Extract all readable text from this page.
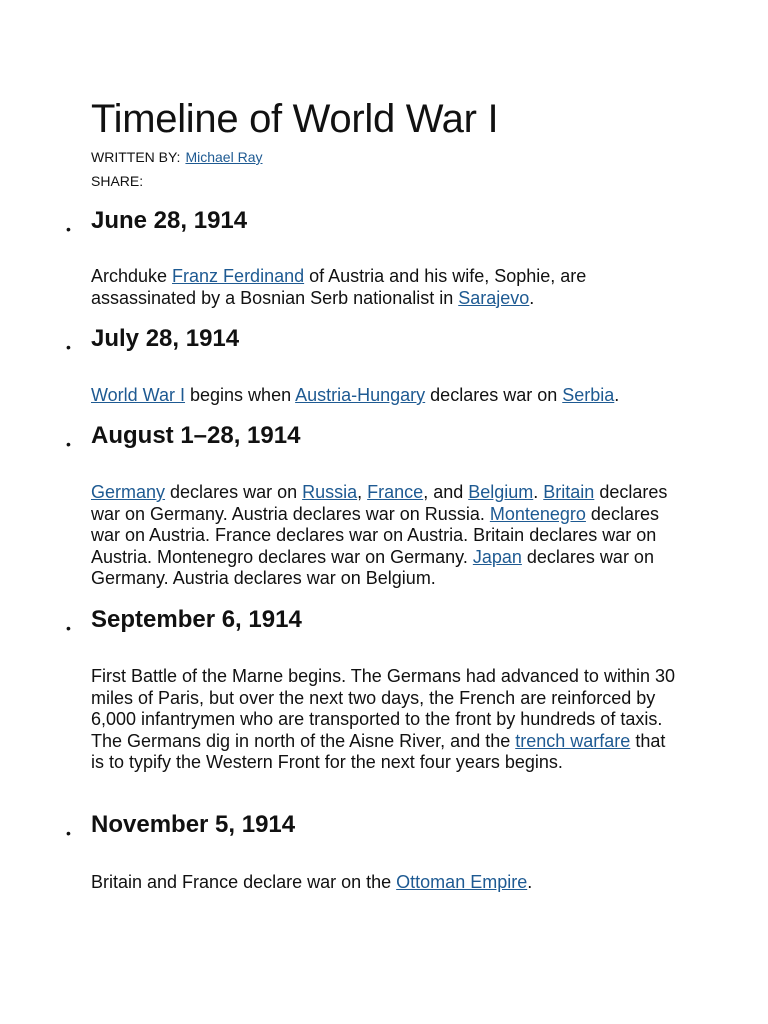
Timeline of World War I
WRITTEN BY: Michael Ray
SHARE:
• June 28, 1914

Archduke Franz Ferdinand of Austria and his wife, Sophie, are assassinated by a Bosnian Serb nationalist in Sarajevo.

• July 28, 1914

World War I begins when Austria-Hungary declares war on Serbia.

• August 1–28, 1914

Germany declares war on Russia, France, and Belgium. Britain declares war on Germany. Austria declares war on Russia. Montenegro declares war on Austria. France declares war on Austria. Britain declares war on Austria. Montenegro declares war on Germany. Japan declares war on Germany. Austria declares war on Belgium.

• September 6, 1914

First Battle of the Marne begins. The Germans had advanced to within 30 miles of Paris, but over the next two days, the French are reinforced by 6,000 infantrymen who are transported to the front by hundreds of taxis. The Germans dig in north of the Aisne River, and the trench warfare that is to typify the Western Front for the next four years begins.

• November 5, 1914

Britain and France declare war on the Ottoman Empire.
